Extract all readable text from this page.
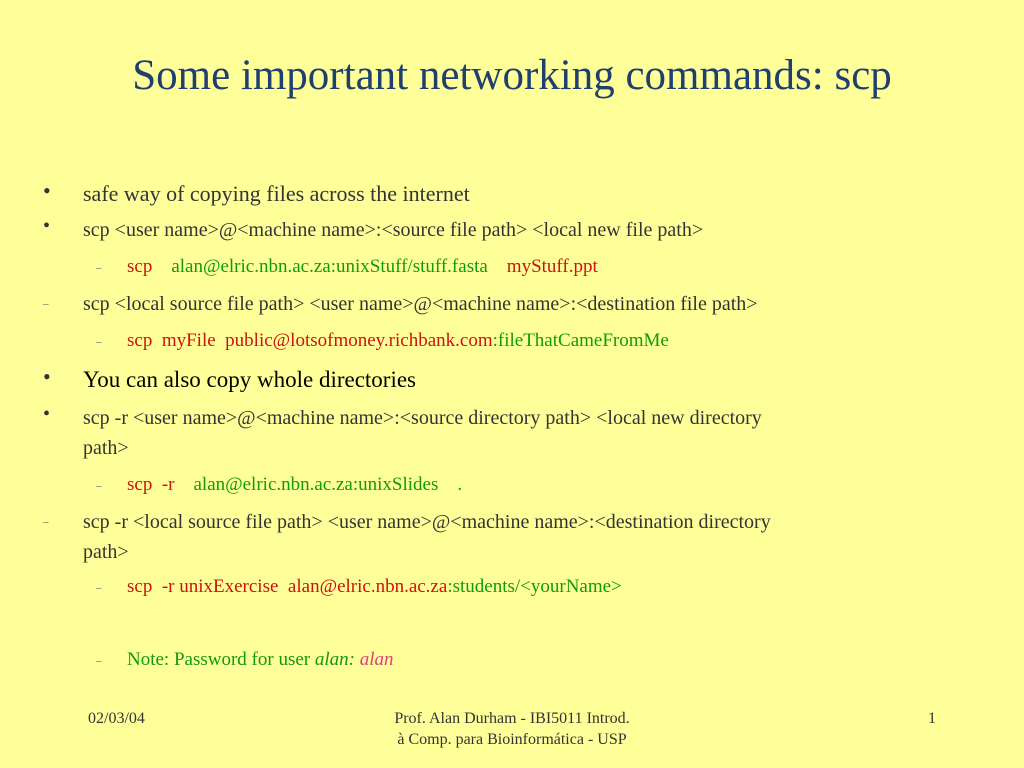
Some important networking commands: scp
• safe way of copying files across the internet
• scp <user name>@<machine name>:<source file path> <local new file path>
– scp alan@elric.nbn.ac.za:unixStuff/stuff.fasta myStuff.ppt
– scp <local source file path> <user name>@<machine name>:<destination file path>
– scp  myFile public@lotsofmoney.richbank.com:fileThatCameFromMe
• You can also copy whole directories
• scp -r <user name>@<machine name>:<source directory path> <local new directory
path>
– scp  -r alan@elric.nbn.ac.za:unixSlides .
– scp -r <local source file path> <user name>@<machine name>:<destination directory
path>
– scp  -r unixExercise alan@elric.nbn.ac.za:students/<yourName>
– Note: Password for user alan: alan
02/03/04	Prof. Alan Durham - IBI5011 Introd.
à Comp. para Bioinformática - USP
1
